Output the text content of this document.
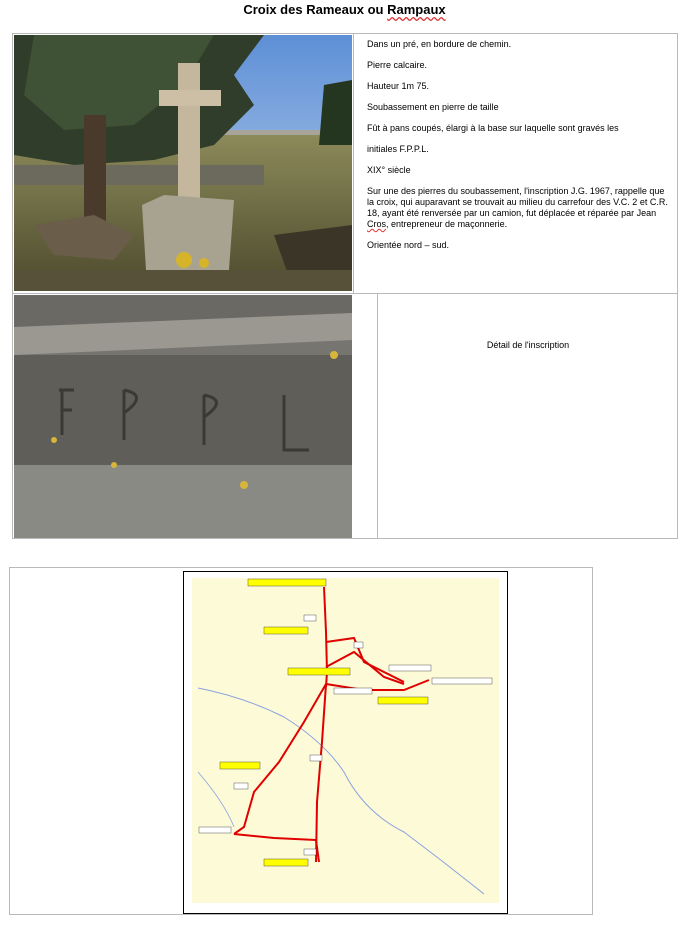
Croix des Rameaux ou Rampaux

Dans un pré, en bordure de chemin.

Pierre calcaire.

Hauteur 1m 75.

Soubassement en pierre de taille

Fût à pans coupés, élargi à la base sur laquelle sont gravés les

initiales F.P.P.L.

XIX° siècle

Sur une des pierres du soubassement, l'inscription J.G. 1967, rappelle que la croix, qui auparavant se trouvait au milieu du carrefour des V.C. 2 et C.R. 18, ayant été renversée par un camion, fut déplacée et réparée par Jean Cros, entrepreneur de maçonnerie.

Orientée nord – sud.

Détail de l'inscription
